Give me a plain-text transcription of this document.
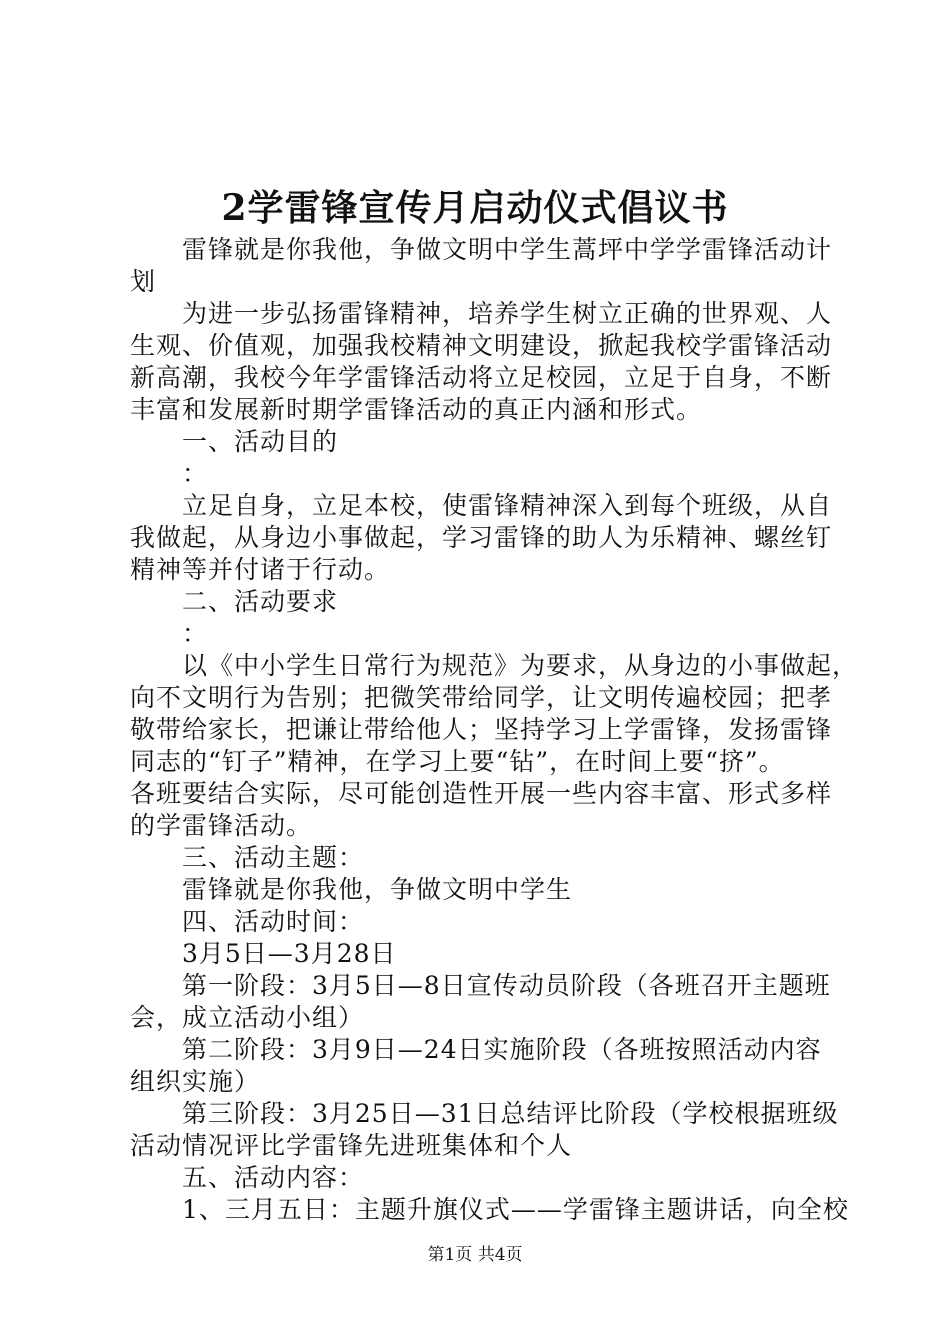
2学雷锋宣传月启动仪式倡议书
　　雷锋就是你我他，争做文明中学生蒿坪中学学雷锋活动计
划
　　为进一步弘扬雷锋精神，培养学生树立正确的世界观、人
生观、价值观，加强我校精神文明建设，掀起我校学雷锋活动
新高潮，我校今年学雷锋活动将立足校园，立足于自身，不断
丰富和发展新时期学雷锋活动的真正内涵和形式。
　　一、活动目的
　　：
　　立足自身，立足本校，使雷锋精神深入到每个班级，从自
我做起，从身边小事做起，学习雷锋的助人为乐精神、螺丝钉
精神等并付诸于行动。
　　二、活动要求
　　：
　　以《中小学生日常行为规范》为要求，从身边的小事做起，
向不文明行为告别；把微笑带给同学，让文明传遍校园；把孝
敬带给家长，把谦让带给他人；坚持学习上学雷锋，发扬雷锋
同志的“钉子”精神，在学习上要“钻”，在时间上要“挤”。
各班要结合实际，尽可能创造性开展一些内容丰富、形式多样
的学雷锋活动。
　　三、活动主题：
　　雷锋就是你我他，争做文明中学生
　　四、活动时间：
　　3月5日—3月28日
　　第一阶段：3月5日—8日宣传动员阶段（各班召开主题班
会，成立活动小组）
　　第二阶段：3月9日—24日实施阶段（各班按照活动内容
组织实施）
　　第三阶段：3月25日—31日总结评比阶段（学校根据班级
活动情况评比学雷锋先进班集体和个人
　　五、活动内容：
　　1、三月五日：主题升旗仪式——学雷锋主题讲话，向全校
第1页 共4页
